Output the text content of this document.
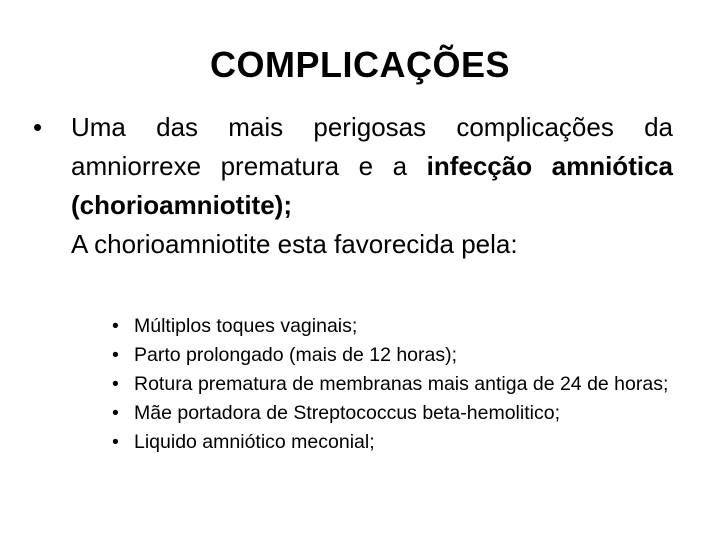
COMPLICAÇÕES
• Uma das mais perigosas complicações da amniorrexe prematura e a infecção amniótica (chorioamniotite);
A chorioamniotite esta favorecida pela:
• Múltiplos toques vaginais;
• Parto prolongado (mais de 12 horas);
• Rotura prematura de membranas mais antiga de 24 de horas;
• Mãe portadora de Streptococcus beta-hemolitico;
• Liquido amniótico meconial;
